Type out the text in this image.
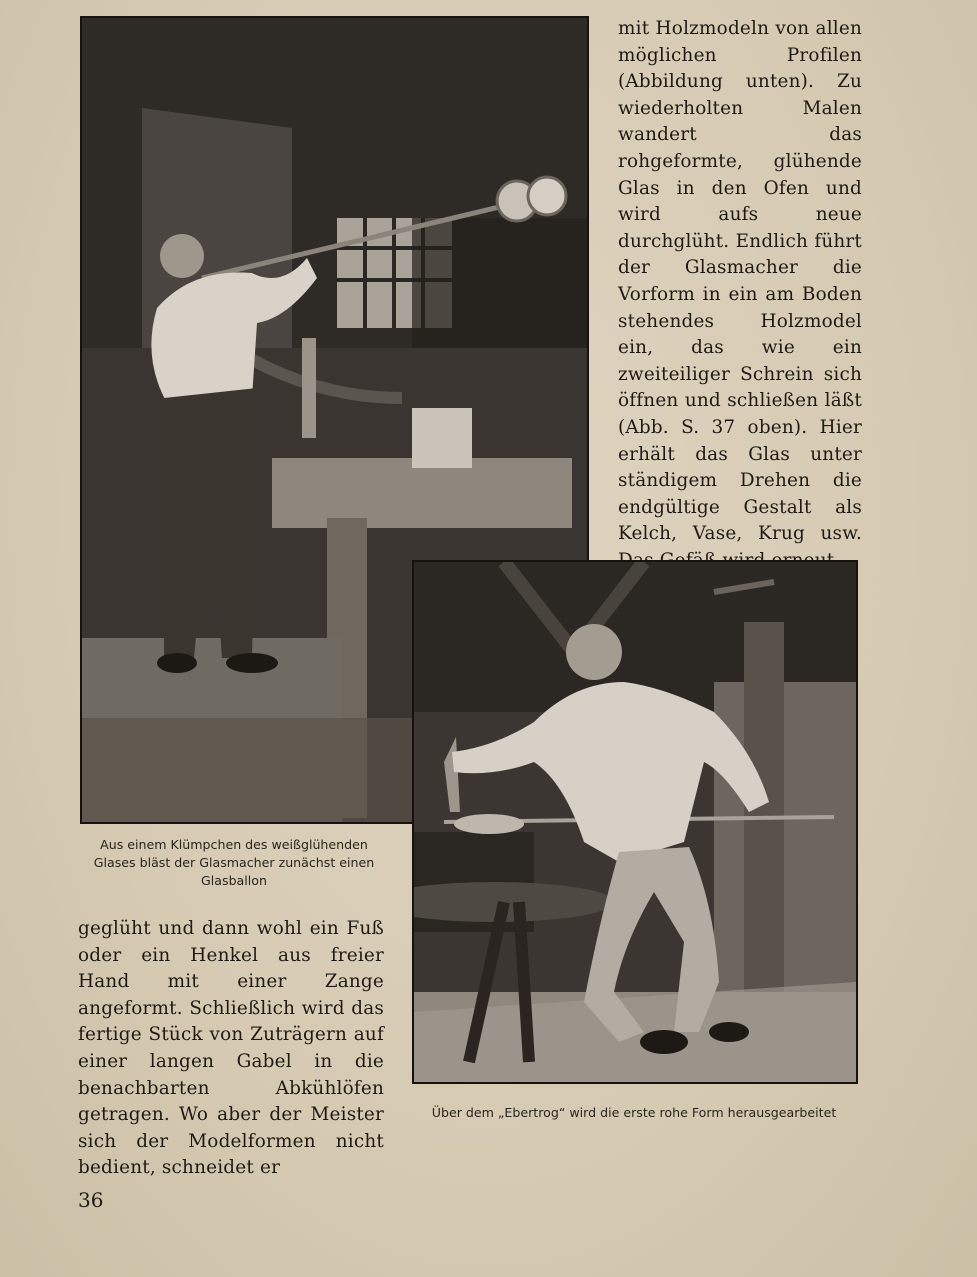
mit Holzmodeln von allen möglichen Profilen (Abbildung unten). Zu wiederholten Malen wandert das rohgeformte, glühende Glas in den Ofen und wird aufs neue durchglüht. Endlich führt der Glasmacher die Vorform in ein am Boden stehendes Holzmodel ein, das wie ein zweiteiliger Schrein sich öffnen und schließen läßt (Abb. S. 37 oben). Hier erhält das Glas unter ständigem Drehen die endgültige Gestalt als Kelch, Vase, Krug usw.

Aus einem Klümpchen des weißglühenden Glases bläst der Glasmacher zunächst einen Glasballon

geglüht und dann wohl ein Fuß oder ein Henkel aus freier Hand mit einer Zange angeformt. Schließlich wird das fertige Stück von Zuträgern auf einer langen Gabel in die benachbarten Abkühlöfen getragen. Wo aber der Meister sich der Modelformen nicht bedient, schneidet er

Über dem „Ebertrog“ wird die erste rohe Form herausgearbeitet
36
